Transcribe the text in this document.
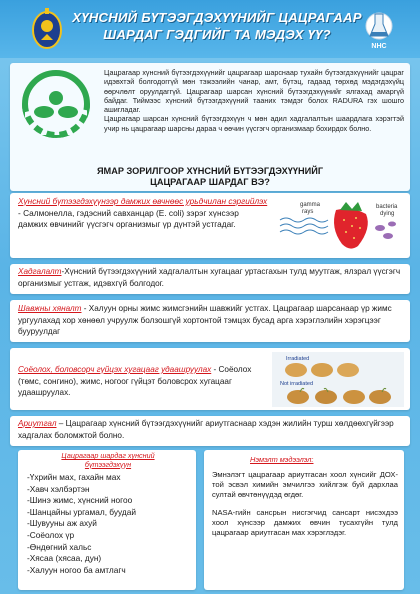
ХҮНСНИЙ БҮТЭЭГДЭХҮҮНИЙГ ЦАЦРАГААР
ШАРДАГ ГЭДГИЙГ ТА МЭДЭХ ҮҮ?
NHC

Цацрагаар хүнсний бүтээгдэхүүнийг цацрагаар шарснаар тухайн бүтээгдэхүүнийг цацраг идэвхтэй болгодоггүй мөн тэжээлийн чанар, амт, бүтэц, гадаад төрхөд мэдэгдэхүйц өөрчлөлт оруулдаггүй. Цацрагаар шарсан хүнсний бүтээгдэхүүнийг ялгахад амаргүй байдаг. Тиймээс хүнсний бүтээгдэхүүний тааних тэмдэг болох RADURA гэх шошго ашигладаг.

Цацрагаар шарсан хүнсний бүтээгдэхүүн ч мөн адил хадгалалтын шаардлага хэрэгтэй учир нь цацрагаар шарсны дараа ч өөчин үүсгэгч организмаар бохирдох болно.

ЯМАР ЗОРИЛГООР ХҮНСНИЙ БҮТЭЭГДЭХҮҮНИЙГ
ЦАЦРАГААР ШАРДАГ ВЭ?
Хүнсний бүтээгдэхүүнээр дамжих өвчнөөс урьдчилан сэргийлэх - Салмонелла, гэдэсний савханцар (E. coli) зэрэг хүнсээр дамжих өвчинийг үүсгэгч организмыг үр дүнтэй устгадаг.
gamma
rays
bacteria
dying
Хадгалалт-Хүнсний бүтээгдэхүүний хадгалалтын хугацааг уртасгахын тулд муутгаж, ялзрал үүсгэгч организмыг устгаж, идэвхгүй болгодог.
Шавжны хяналт - Халуун орны жимс жимсгэнийн шавжийг устгах. Цацрагаар шарсанаар үр жимс ургуулахад хор хөнөөл учруулж болзошгүй хортонтой тэмцэх бусад арга хэрэглэлийн хэрэгцээг бууруулдаг
Соёолох, боловсорч гүйцэх хугацааг удаашруулах - Соёолох (төмс, сонгино), жимс, ногоог гүйцэт боловсрох хугацааг удаашруулах.
Irradiated
Not irradiated
Ариутгал – Цацрагаар хүнсний бүтээгдэхүүнийг ариутгаснаар хэдэн жилийн турш хөлдөөхгүйгээр хадгалах боломжтой болно.
Цацрагаар шардаг хүнсний
бүтээгдэхүүн
-Үхрийн мах, гахайн мах
-Хавч хэлбэртэн
-Шинэ жимс, хүнсний ногоо
-Шанцайны ургамал, буудай
-Шувууны аж ахуй
-Соёолох үр
-Өндөгний хальс
-Хясаа (хясаа, дун)
-Халуун ногоо ба амтлагч
Нэмэлт мэдээлэл:

Эмнэлэгт цацрагаар ариутгасан хоол хүнсийг ДОХ-той эсвэл химийн эмчилгээ хийлгэж буй дархлаа султай өвчтөнүүдэд өгдөг.

NASA-гийн сансрын нисгэгчид сансарт нисэхдээ хоол хүнсээр дамжих өвчин тусахгүйн тулд цацрагаар ариутгасан мах хэрэглэдэг.
